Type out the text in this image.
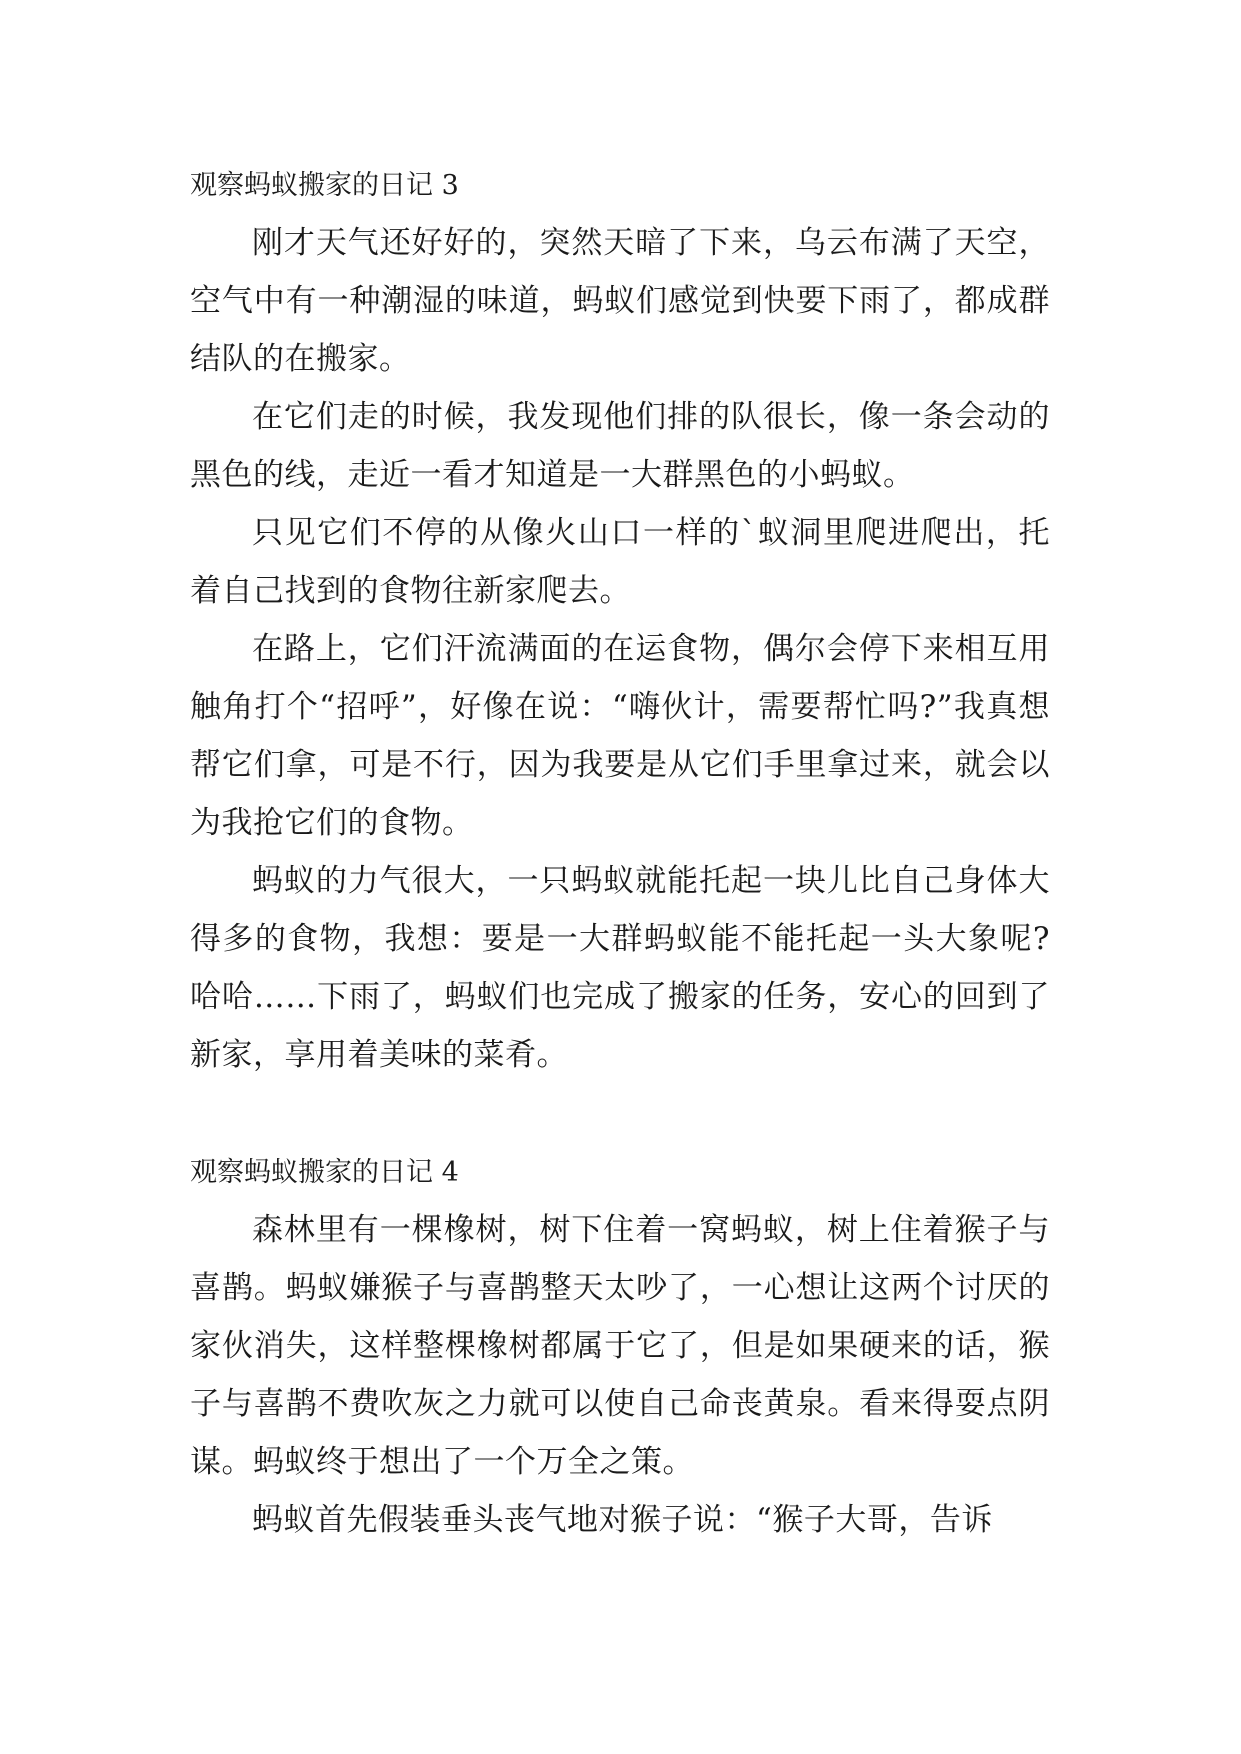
观察蚂蚁搬家的日记 3

刚才天气还好好的，突然天暗了下来，乌云布满了天空，空气中有一种潮湿的味道，蚂蚁们感觉到快要下雨了，都成群结队的在搬家。

在它们走的时候，我发现他们排的队很长，像一条会动的黑色的线，走近一看才知道是一大群黑色的小蚂蚁。

只见它们不停的从像火山口一样的`蚁洞里爬进爬出，托着自己找到的食物往新家爬去。

在路上，它们汗流满面的在运食物，偶尔会停下来相互用触角打个“招呼”，好像在说：“嗨伙计，需要帮忙吗?”我真想帮它们拿，可是不行，因为我要是从它们手里拿过来，就会以为我抢它们的食物。

蚂蚁的力气很大，一只蚂蚁就能托起一块儿比自己身体大得多的食物，我想：要是一大群蚂蚁能不能托起一头大象呢?哈哈……下雨了，蚂蚁们也完成了搬家的任务，安心的回到了新家，享用着美味的菜肴。

观察蚂蚁搬家的日记 4

森林里有一棵橡树，树下住着一窝蚂蚁，树上住着猴子与喜鹊。蚂蚁嫌猴子与喜鹊整天太吵了，一心想让这两个讨厌的家伙消失，这样整棵橡树都属于它了，但是如果硬来的话，猴子与喜鹊不费吹灰之力就可以使自己命丧黄泉。看来得耍点阴谋。蚂蚁终于想出了一个万全之策。

蚂蚁首先假装垂头丧气地对猴子说：“猴子大哥，告诉
